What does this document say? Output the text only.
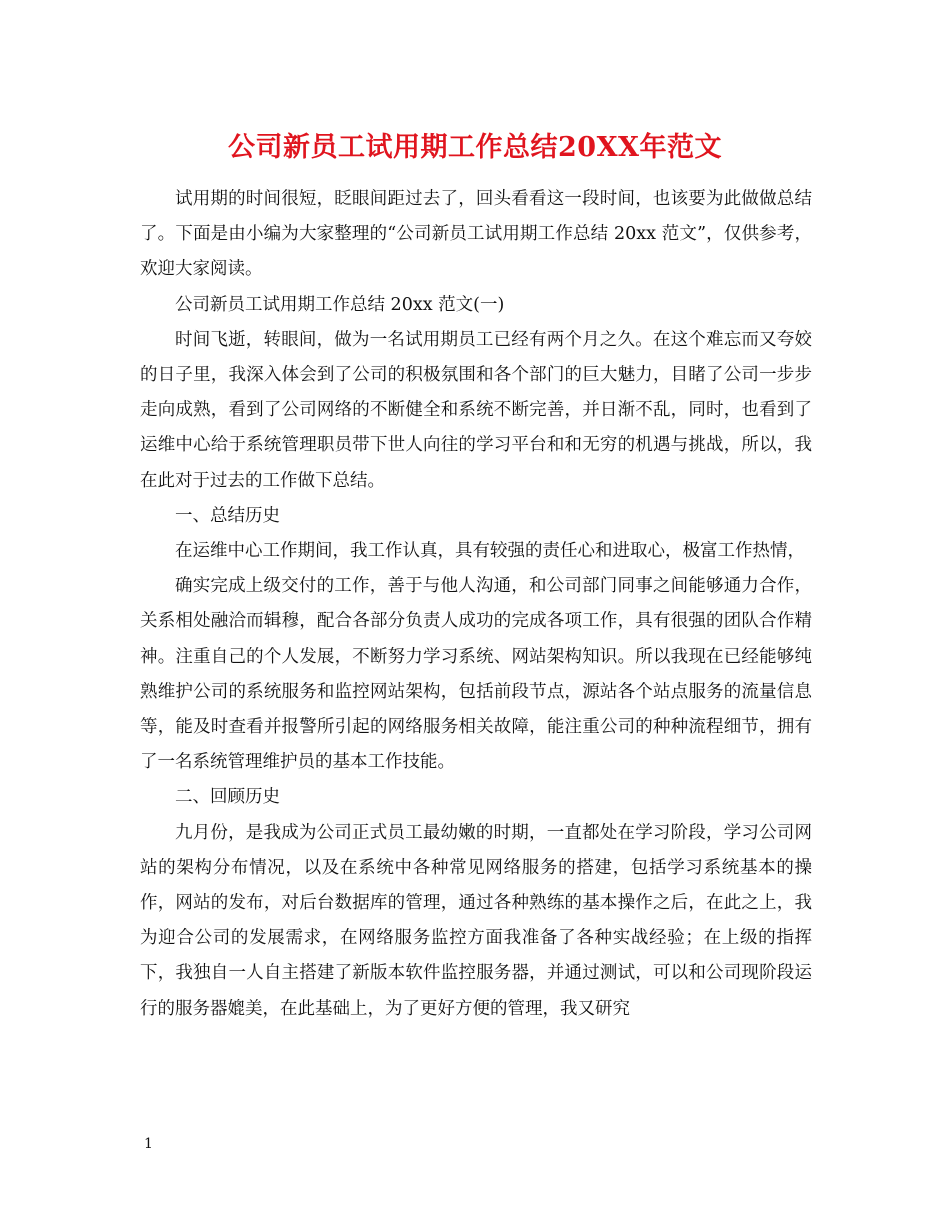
公司新员工试用期工作总结20XX年范文

试用期的时间很短，眨眼间距过去了，回头看看这一段时间，也该要为此做做总结了。下面是由小编为大家整理的“公司新员工试用期工作总结 20xx 范文”，仅供参考，欢迎大家阅读。

公司新员工试用期工作总结 20xx 范文(一)

时间飞逝，转眼间，做为一名试用期员工已经有两个月之久。在这个难忘而又夸姣的日子里，我深入体会到了公司的积极氛围和各个部门的巨大魅力，目睹了公司一步步走向成熟，看到了公司网络的不断健全和系统不断完善，并日渐不乱，同时，也看到了运维中心给于系统管理职员带下世人向往的学习平台和和无穷的机遇与挑战，所以，我在此对于过去的工作做下总结。

一、总结历史

在运维中心工作期间，我工作认真，具有较强的责任心和进取心，极富工作热情，

确实完成上级交付的工作，善于与他人沟通，和公司部门同事之间能够通力合作，关系相处融洽而辑穆，配合各部分负责人成功的完成各项工作，具有很强的团队合作精神。注重自己的个人发展，不断努力学习系统、网站架构知识。所以我现在已经能够纯熟维护公司的系统服务和监控网站架构，包括前段节点，源站各个站点服务的流量信息等，能及时查看并报警所引起的网络服务相关故障，能注重公司的种种流程细节，拥有了一名系统管理维护员的基本工作技能。

二、回顾历史

九月份，是我成为公司正式员工最幼嫩的时期，一直都处在学习阶段，学习公司网站的架构分布情况，以及在系统中各种常见网络服务的搭建，包括学习系统基本的操作，网站的发布，对后台数据库的管理，通过各种熟练的基本操作之后，在此之上，我为迎合公司的发展需求，在网络服务监控方面我准备了各种实战经验；在上级的指挥下，我独自一人自主搭建了新版本软件监控服务器，并通过测试，可以和公司现阶段运行的服务器媲美，在此基础上，为了更好方便的管理，我又研究

1
